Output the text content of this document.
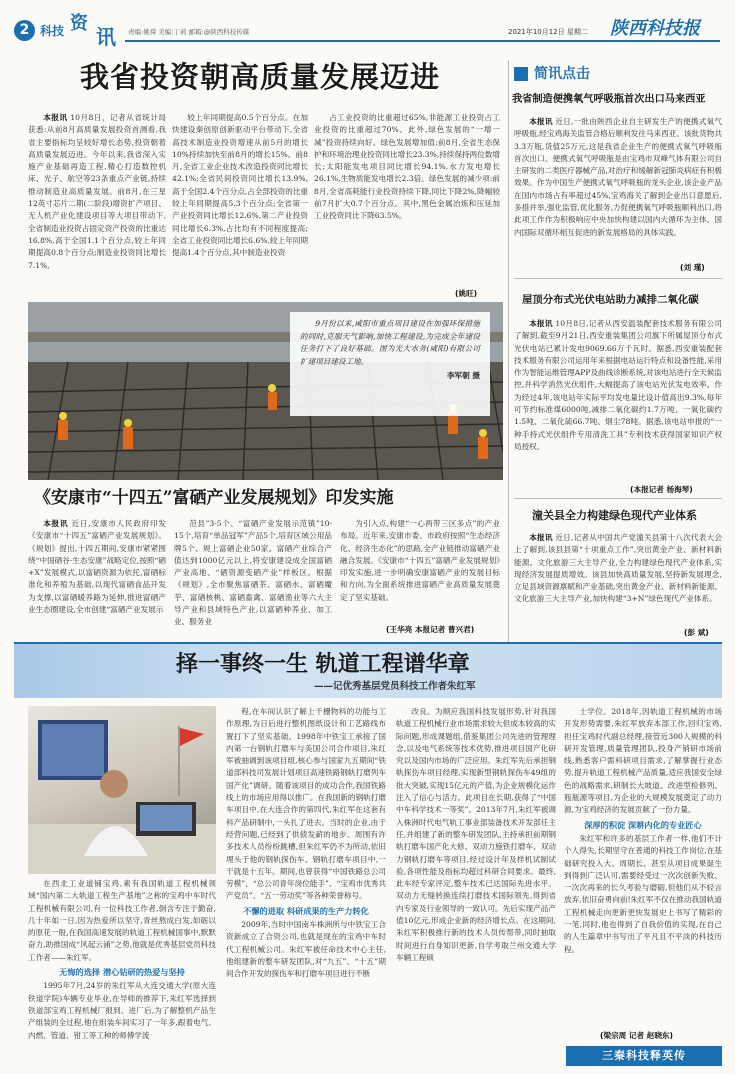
2 科技 资
讯 责编:姚舜 美编:丁莉 邮箱:@陕西科技传媒	2021年10月12日 星期二 陕西科技报
我省投资朝高质量发展迈进

本报讯 10月8日，记者从省统计局获悉:从前8月高质量发展投资首测看,我省主要指标均呈较好增长态势,投资朝着高质量发展迈进。今年以来,我省深入实施产业基础再造工程,精心打造数控机床、光子、航空等23条重点产业链,持续推动制造业高质量发展。前8月,在三星12英寸芯片二期(二阶段)增资扩产项目、无人机产业化建设项目等大项目带动下,全省制造业投资占固定资产投资的比重达16.8%,高于全国1.1个百分点,较上年同期提高0.8个百分点;制造业投资同比增长7.1%,

较上年同期提高0.5个百分点。在加快建设秦创原创新驱动平台带动下,全省高技术制造业投资增速从前5月的增长10%持续加快至前8月的增长15%。前8月,全省工业企业技术改造投资同比增长42.1%;全省民间投资同比增长13.9%,高于全国2.4个百分点,占全部投资的比重较上年同期提高5.3个百分点;全省第一产业投资同比增长12.6%,第二产业投资同比增长6.3%,占比均有不同程度提高;全省工业投资同比增长6.6%,较上年同期提高1.4个百分点,其中制造业投资

占工业投资的比重超过65%,非能源工业投资占工业投资的比重超过70%。此外,绿色发展的“一增一减”投资持续向好。绿色发展增加值:前8月,全省生态保护和环境治理业投资同比增长23.3%,持续保持两位数增长;太阳能发电项目同比增长94.1%,水力发电增长26.1%,生物质能发电增长2.3倍。绿色发展的减少项:前8月,全省高耗能行业投资持续下降,同比下降2%,降幅较前7月扩大0.7个百分点。其中,黑色金属冶炼和压延加工业投资同比下降63.5%。

(姚旺)
9月份以来,咸阳市重点项目建设在加强环保措施的同时,克服天气影响,加快工程建设,为完成全年建设任务打下了良好基础。图为光大水务(咸阳)有限公司扩建项目建设工地。
李军朝 摄
《安康市“十四五”富硒产业发展规划》印发实施

本报讯 近日,安康市人民政府印发《安康市“十四五”富硒产业发展规划》。《规划》提出,十四五期间,安康市紧紧围绕“中国硒谷·生态安康”战略定位,按照“硒+X”发展模式,以富硒资源为依托,富硒标准化和养殖为基础,以现代富硒食品开发为支撑,以富硒暖养路为延伸,推进富硒产业生态圈建设,全市创建“富硒产业发展示

范县”3-5个、“富硒产业发展示范镇”10-15个,培育“单品冠军”产品5个,培育区域公用品牌5个、规上富硒企业50家。富硒产业综合产值达到1000亿元以上,将安康建设成全国富硒产业高地、“硒资源变硒产业”样板区。根据《规划》,全市聚焦富硒茶、富硒水、富硒魔芋、富硒核桃、富硒畜禽、富硒渔业等六大主导产业和县域特色产业,以富硒种养业、加工业、服务业

为引入点,构建“一心两带三区多点”的产业布局。近年来,安康市委、市政府按照“生态经济化、经济生态化”的思路,全产业链推动富硒产业融合发展。《安康市“十四五”富硒产业发展规划》印发实施,进一步明确安康富硒产业的发展目标和方向,为全面系统推进富硒产业高质量发展奠定了坚实基础。

(王华亮 本报记者 曹兴君)
简讯点击
我省制造便携氧气呼吸瓶首次出口马来西亚

本报讯 近日,一批由陕西企业自主研发生产的便携式氧气呼吸瓶,经宝鸡海关监管合格后顺利发往马来西亚。该批货物共3.3万瓶,货值25万元,这是我省企业生产的便携式氧气呼吸瓶首次出口。便携式氧气呼吸瓶是由宝鸡市双峰气体有限公司自主研发的二类医疗器械产品,对治疗和缓解新冠肺炎病症有积极效果。作为中国生产便携式氧气呼吸瓶的龙头企业,该企业产品在国内市场占有率超过45%,宝鸡海关了解到企业出口意愿后,多措并举,强化监管,优化服务,力促便携氧气呼吸瓶顺利出口,将此项工作作为积极响应中央加快构建以国内大循环为主体、国内国际双循环相互促进的新发展格局的具体实践。

(刘 瑾)
屋顶分布式光伏电站助力减排二氧化碳

本报讯 10月8日,记者从西安温装配套技术服务有限公司了解到,截至9月21日,西安重装集团公司旗下所属屋顶分布式光伏电站已累计发电9069.66万千瓦时。据悉,西安重装配套技术服务有限公司运用年来根据电站运行特点和设备性能,采用作为智能运维管理APP及曲线诊断系统,对该电站进行全天候监控,并科学消然光伏组件,大幅提高了该电站光伏发电效率。作为经过4年,该电站年实际平均发电量比设计值高出9.3%,每年可节约标准煤6000吨,减排二氧化碳约1.7万吨、一氧化碳约1.5吨、二氧化硫66.7吨、烟尘78吨。据悉,该电站申报的“一种手持式光伏组件专用清洗工具”专利技术获得国家知识产权局授权。

(本报记者 杨海琴)
潼关县全力构建绿色现代产业体系

本报讯 近日,记者从中国共产党潼关县第十八次代表大会上了解到,该县县第“十项重点工作”,突出黄金产业、新材料新能源、文化旅游三大主导产业,全力构建绿色现代产业体系,实现经济发展提质增效。该县加快高质量发展,坚持新发展理念,立足县域资源禀赋和产业基础,突出黄金产业、新材料新能源、文化旅游三大主导产业,加快构建“3+N”绿色现代产业体系。

(彭 斌)
择一事终一生 轨道工程谱华章
——记优秀基层党员科技工作者朱红军

在西北工业道铺宝鸡,素有我国轨道工程机械领域“国内第二大轨道工程生产基地”之称的宝鸡中车时代工程机械有限公司,有一位科技工作者,倒含专注于勤奋,几十年如一日,因为热爱所以坚守,青丝熬成白发,如砺以的原花一般,在我国高速发展的轨道工程机械国事中,默默奋力,助推国成“风起云涌”之势,他就是优秀基层党员科技工作者——朱红军。

无悔的选择 潜心钻研的热爱与坚持

1995年7月,24岁的朱红军从大连交通大学(原大连铁道学院)车辆专业毕业,在导师的推荐下,朱红军选择到铁道部宝鸡工程机械厂报到。进厂后,为了解整机产品生产组装的全过程,他在组装车间实习了一年多,跟着电气、内燃、管道、钳工等工种的师傅学流

程,在车间认识了解上千栅物料的功能与工作原理,为日后进行整机图纸设计和工艺路线布置打下了坚实基础。1998年中铁宝工承接了国内第一台钢轨打磨车与美国公司合作项目,朱红军被抽调到该项目组,核心参与国家九五期间“铁道部科技司发展计划项目高速铁路钢轨打磨列车国产化”调研。随着该项目的成功合作,我国铁路线上的市场应用得以推广。在我国新的钢轨打磨车项目中,在大连合作的第四代,朱红军在这套有科产品研制中,一头扎了进去。当时的企业,由于经营问题,已经到了供债发薪的地步。周围有许多技术人员纷纷跳槽,但朱红军仍不为所动,依旧埋头于他的钢轨探伤车、钢轨打磨车项目中,一干就是十五年。期间,也曾获得“中国铁路总公司劳模”、“总公司青年岗位能手”、“宝鸡市优秀共产党员”、“五一劳动奖”等各种荣誉称号。

不懈的进取 科研成果的生产力转化

2009年,当时中国南车株洲所与中铁宝工合资新成立了合资公司,也就是现在的宝鸡中车时代工程机械公司。朱红军被任命技术中心主任,他组建新的整车研发团队,对“九五”、“十五”期间合作开发的探伤车和打磨车项目进行不断

改良。为顺应我国科技发展形势,针对我国轨道工程机械行业市场需求较大但成本较高的实际问题,形成课题组,借鉴集团公司先进的管理理念,以及电气系统等技术优势,推进项目国产化研究以及国内市场的广泛应用。朱红军先后承担钢轨探伤车项目经理,实现新型钢轨探伤车49组的批大突破,实现15亿元的产值,为企业规模化运作注入了信心与活力。此项目在长期,获得了“中国中车科学技术一等奖”。2013年7月,朱红军被调入株洲时代电气轨工事业部装备技术开发部任主任,并组建了新的整车研发团队,主持承担前期钢轨打磨车国产化大修、双动力施铁打磨车、双动力钢轨打磨车等项目,经过设计年及样机试制试验,各项性能及指标均超过科研合同要求。最终,此车经专家评定,整车技术已达国际先进水平。双动力无缝转换连续打磨技术国际领先,得到省内专家及行业领导的一致认可。先后实现产品产值10亿元,形成企业新的经济增长点。在这期间,朱红军积极推行新的技术人员传帮带,同时抽取时间进行自身知识更新,自学考取兰州交通大学车辆工程硕

士学位。2018年,因轨道工程机械的市场开发形势需要,朱红军放弃本部工作,回归宝鸡,担任宝鸡时代副总经理,接管近300人规模的科研开发管理,质量管理团队,投身产销研市场前线,熟悉客户需科研项目需求,了解掌握行业态势,提升轨道工程机械产品质量,适应我国安全绿色的战略需求,研制长大坡道、改进型检修列、瓶瓶源等项目,为企业的大规模发展奠定了动力源,为宝鸡经济的发展贡献了一份力量。

深厚的积淀 深耕内化的专业匠心

朱红军和许多的基层工作者一样,他们不计个人得失,长期坚守在普通的科技工作岗位,在基础研究投入大、周期长、甚至从项目成果诞生到得到广泛认可,需要经受过一次次创新失败、一次次再来的长久考验与磨砺,但他们从不轻言放弃,依旧奋勇向前!朱红军不仅在推动我国轨道工程机械走向更新更快发展史上书写了精彩的一笔,同时,他也得到了自我价值的实现,在自己的人生篇章中书写出了平凡且不平淡的科技历程。

(梁宗周 记者 赵晓东)
三秦科技释英传
